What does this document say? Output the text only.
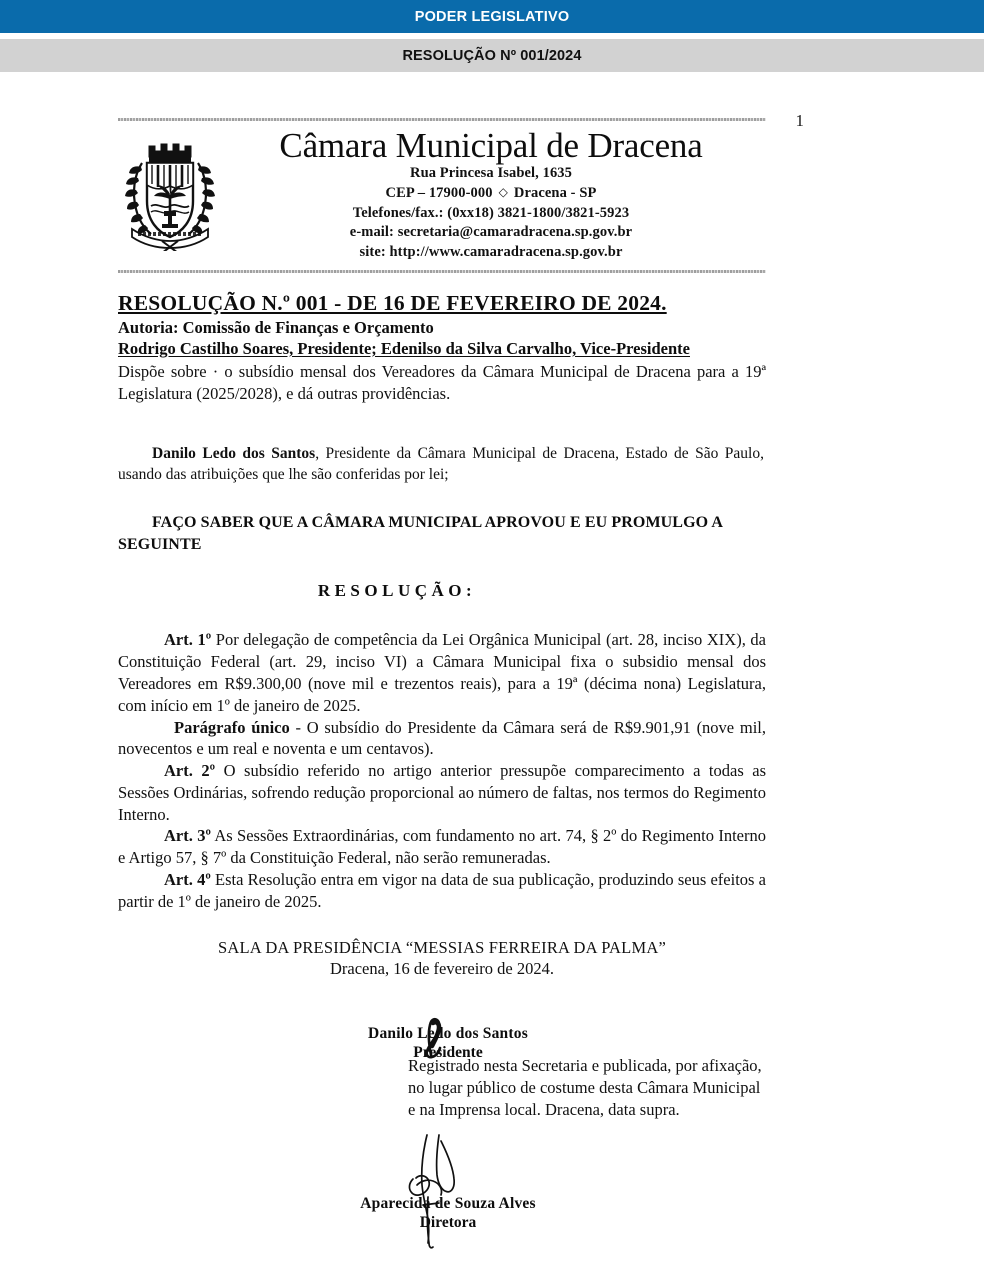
PODER LEGISLATIVO
RESOLUÇÃO Nº 001/2024
1
Câmara Municipal de Dracena
Rua Princesa Isabel, 1635
CEP – 17900-000 ◇ Dracena - SP
Telefones/fax.: (0xx18) 3821-1800/3821-5923
e-mail: secretaria@camaradracena.sp.gov.br
site: http://www.camaradracena.sp.gov.br
RESOLUÇÃO N.º 001 - DE 16 DE FEVEREIRO DE 2024.
Autoria: Comissão de Finanças e Orçamento
Rodrigo Castilho Soares, Presidente; Edenilso da Silva Carvalho, Vice-Presidente
Dispõe sobre · o subsídio mensal dos Vereadores da Câmara Municipal de Dracena para a 19ª Legislatura (2025/2028), e dá outras providências.
Danilo Ledo dos Santos, Presidente da Câmara Municipal de Dracena, Estado de São Paulo, usando das atribuições que lhe são conferidas por lei;
FAÇO SABER QUE A CÂMARA MUNICIPAL APROVOU E EU PROMULGO A SEGUINTE
RESOLUÇÃO:
Art. 1º Por delegação de competência da Lei Orgânica Municipal (art. 28, inciso XIX), da Constituição Federal (art. 29, inciso VI) a Câmara Municipal fixa o subsidio mensal dos Vereadores em R$9.300,00 (nove mil e trezentos reais), para a 19ª (décima nona) Legislatura, com início em 1º de janeiro de 2025.
Parágrafo único - O subsídio do Presidente da Câmara será de R$9.901,91 (nove mil, novecentos e um real e noventa e um centavos).
Art. 2º O subsídio referido no artigo anterior pressupõe comparecimento a todas as Sessões Ordinárias, sofrendo redução proporcional ao número de faltas, nos termos do Regimento Interno.
Art. 3º As Sessões Extraordinárias, com fundamento no art. 74, § 2º do Regimento Interno e Artigo 57, § 7º da Constituição Federal, não serão remuneradas.
Art. 4º Esta Resolução entra em vigor na data de sua publicação, produzindo seus efeitos a partir de 1º de janeiro de 2025.
SALA DA PRESIDÊNCIA “MESSIAS FERREIRA DA PALMA”
Dracena, 16 de fevereiro de 2024.
Danilo Ledo dos Santos
Presidente
Registrado nesta Secretaria e publicada, por afixação, no lugar público de costume desta Câmara Municipal e na Imprensa local. Dracena, data supra.
Aparecida de Souza Alves
Diretora
